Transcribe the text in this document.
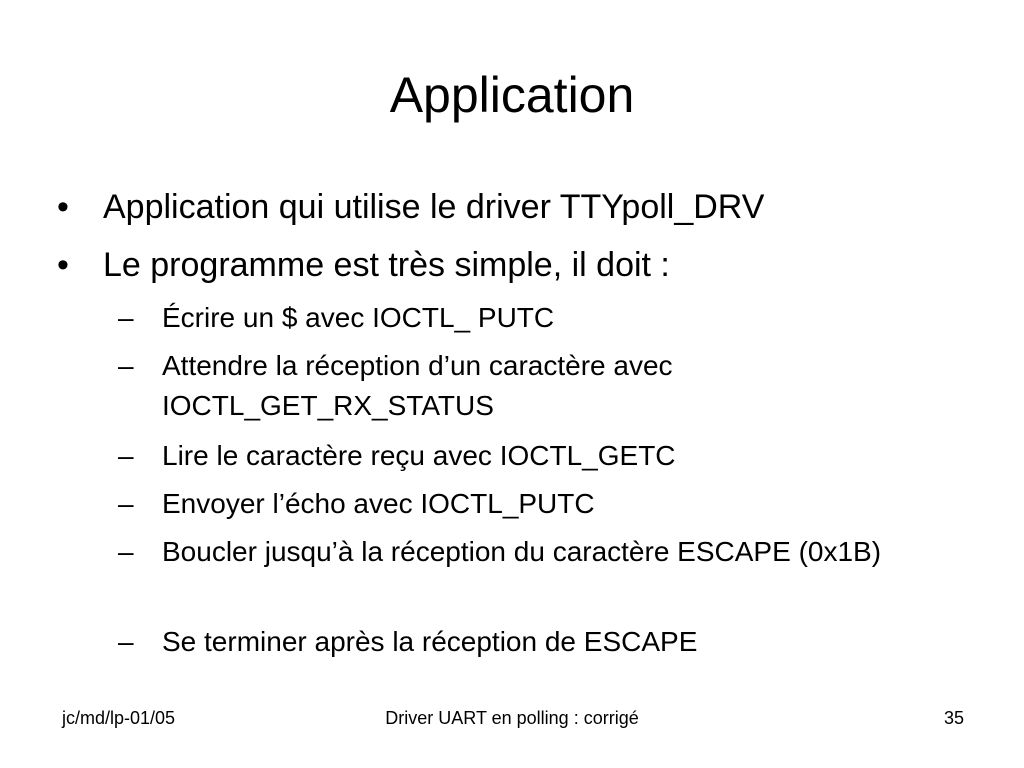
Application
• Application qui utilise le driver TTYpoll_DRV
• Le programme est très simple, il doit :
– Écrire un $ avec IOCTL_ PUTC
– Attendre la réception d’un caractère avec IOCTL_GET_RX_STATUS
– Lire le caractère reçu avec IOCTL_GETC
– Envoyer l’écho avec IOCTL_PUTC
– Boucler jusqu’à la réception du caractère ESCAPE (0x1B)
– Se terminer après la réception de ESCAPE
jc/md/lp-01/05	Driver UART en polling : corrigé	35
